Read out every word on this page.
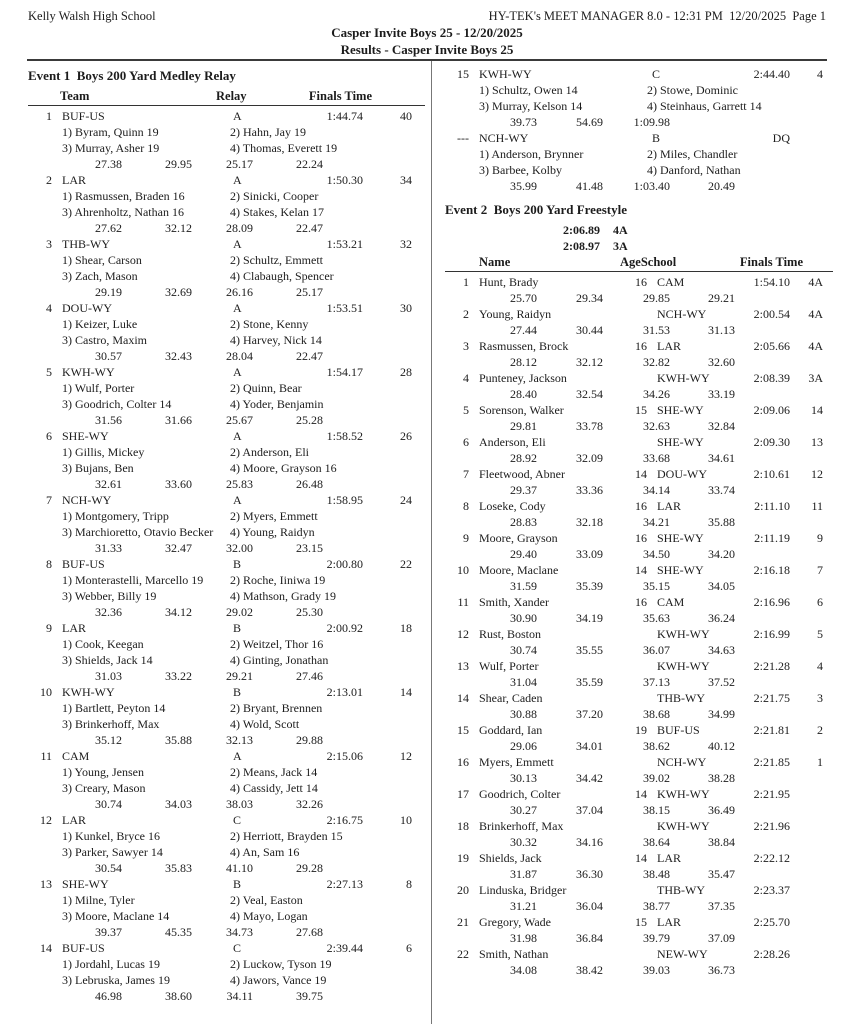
Kelly Walsh High School	HY-TEK's MEET MANAGER 8.0 - 12:31 PM  12/20/2025  Page 1
Casper Invite Boys 25 - 12/20/2025
Results - Casper Invite Boys 25
Event 1  Boys 200 Yard Medley Relay
Team	Relay	Finals Time
1 BUF-US	A	1:44.74	40
1) Byram, Quinn 19	2) Hahn, Jay 19
3) Murray, Asher 19	4) Thomas, Everett 19
27.38	29.95	25.17	22.24
2 LAR	A	1:50.30	34
1) Rasmussen, Braden 16	2) Sinicki, Cooper
3) Ahrenholtz, Nathan 16	4) Stakes, Kelan 17
27.62	32.12	28.09	22.47
3 THB-WY	A	1:53.21	32
1) Shear, Carson	2) Schultz, Emmett
3) Zach, Mason	4) Clabaugh, Spencer
29.19	32.69	26.16	25.17
4 DOU-WY	A	1:53.51	30
1) Keizer, Luke	2) Stone, Kenny
3) Castro, Maxim	4) Harvey, Nick 14
30.57	32.43	28.04	22.47
5 KWH-WY	A	1:54.17	28
1) Wulf, Porter	2) Quinn, Bear
3) Goodrich, Colter 14	4) Yoder, Benjamin
31.56	31.66	25.67	25.28
6 SHE-WY	A	1:58.52	26
1) Gillis, Mickey	2) Anderson, Eli
3) Bujans, Ben	4) Moore, Grayson 16
32.61	33.60	25.83	26.48
7 NCH-WY	A	1:58.95	24
1) Montgomery, Tripp	2) Myers, Emmett
3) Marchioretto, Otavio Becker 4) Young, Raidyn
31.33	32.47	32.00	23.15
8 BUF-US	B	2:00.80	22
1) Monterastelli, Marcello 19 2) Roche, Iiniwa 19
3) Webber, Billy 19	4) Mathson, Grady 19
32.36	34.12	29.02	25.30
9 LAR	B	2:00.92	18
1) Cook, Keegan	2) Weitzel, Thor 16
3) Shields, Jack 14	4) Ginting, Jonathan
31.03	33.22	29.21	27.46
10 KWH-WY	B	2:13.01	14
1) Bartlett, Peyton 14	2) Bryant, Brennen
3) Brinkerhoff, Max	4) Wold, Scott
35.12	35.88	32.13	29.88
11 CAM	A	2:15.06	12
1) Young, Jensen	2) Means, Jack 14
3) Creary, Mason	4) Cassidy, Jett 14
30.74	34.03	38.03	32.26
12 LAR	C	2:16.75	10
1) Kunkel, Bryce 16	2) Herriott, Brayden 15
3) Parker, Sawyer 14	4) An, Sam 16
30.54	35.83	41.10	29.28
13 SHE-WY	B	2:27.13	8
1) Milne, Tyler	2) Veal, Easton
3) Moore, Maclane 14	4) Mayo, Logan
39.37	45.35	34.73	27.68
14 BUF-US	C	2:39.44	6
1) Jordahl, Lucas 19	2) Luckow, Tyson 19
3) Lebruska, James 19	4) Jawors, Vance 19
46.98	38.60	34.11	39.75
15 KWH-WY	C	2:44.40	4
1) Schultz, Owen 14	2) Stowe, Dominic
3) Murray, Kelson 14	4) Steinhaus, Garrett 14
39.73	54.69	1:09.98
--- NCH-WY	B	DQ
1) Anderson, Brynner	2) Miles, Chandler
3) Barbee, Kolby	4) Danford, Nathan
35.99	41.48	1:03.40	20.49
Event 2  Boys 200 Yard Freestyle
2:06.89 4A
2:08.97 3A
Name	AgeSchool	Finals Time
1 Hunt, Brady	16 CAM	1:54.10	4A
25.70	29.34	29.85	29.21
2 Young, Raidyn	NCH-WY	2:00.54	4A
27.44	30.44	31.53	31.13
3 Rasmussen, Brock	16 LAR	2:05.66	4A
28.12	32.12	32.82	32.60
4 Punteney, Jackson	KWH-WY	2:08.39	3A
28.40	32.54	34.26	33.19
5 Sorenson, Walker	15 SHE-WY	2:09.06	14
29.81	33.78	32.63	32.84
6 Anderson, Eli	SHE-WY	2:09.30	13
28.92	32.09	33.68	34.61
7 Fleetwood, Abner	14 DOU-WY	2:10.61	12
29.37	33.36	34.14	33.74
8 Loseke, Cody	16 LAR	2:11.10	11
28.83	32.18	34.21	35.88
9 Moore, Grayson	16 SHE-WY	2:11.19	9
29.40	33.09	34.50	34.20
10 Moore, Maclane	14 SHE-WY	2:16.18	7
31.59	35.39	35.15	34.05
11 Smith, Xander	16 CAM	2:16.96	6
30.90	34.19	35.63	36.24
12 Rust, Boston	KWH-WY	2:16.99	5
30.74	35.55	36.07	34.63
13 Wulf, Porter	KWH-WY	2:21.28	4
31.04	35.59	37.13	37.52
14 Shear, Caden	THB-WY	2:21.75	3
30.88	37.20	38.68	34.99
15 Goddard, Ian	19 BUF-US	2:21.81	2
29.06	34.01	38.62	40.12
16 Myers, Emmett	NCH-WY	2:21.85	1
30.13	34.42	39.02	38.28
17 Goodrich, Colter	14 KWH-WY	2:21.95
30.27	37.04	38.15	36.49
18 Brinkerhoff, Max	KWH-WY	2:21.96
30.32	34.16	38.64	38.84
19 Shields, Jack	14 LAR	2:22.12
31.87	36.30	38.48	35.47
20 Linduska, Bridger	THB-WY	2:23.37
31.21	36.04	38.77	37.35
21 Gregory, Wade	15 LAR	2:25.70
31.98	36.84	39.79	37.09
22 Smith, Nathan	NEW-WY	2:28.26
34.08	38.42	39.03	36.73
